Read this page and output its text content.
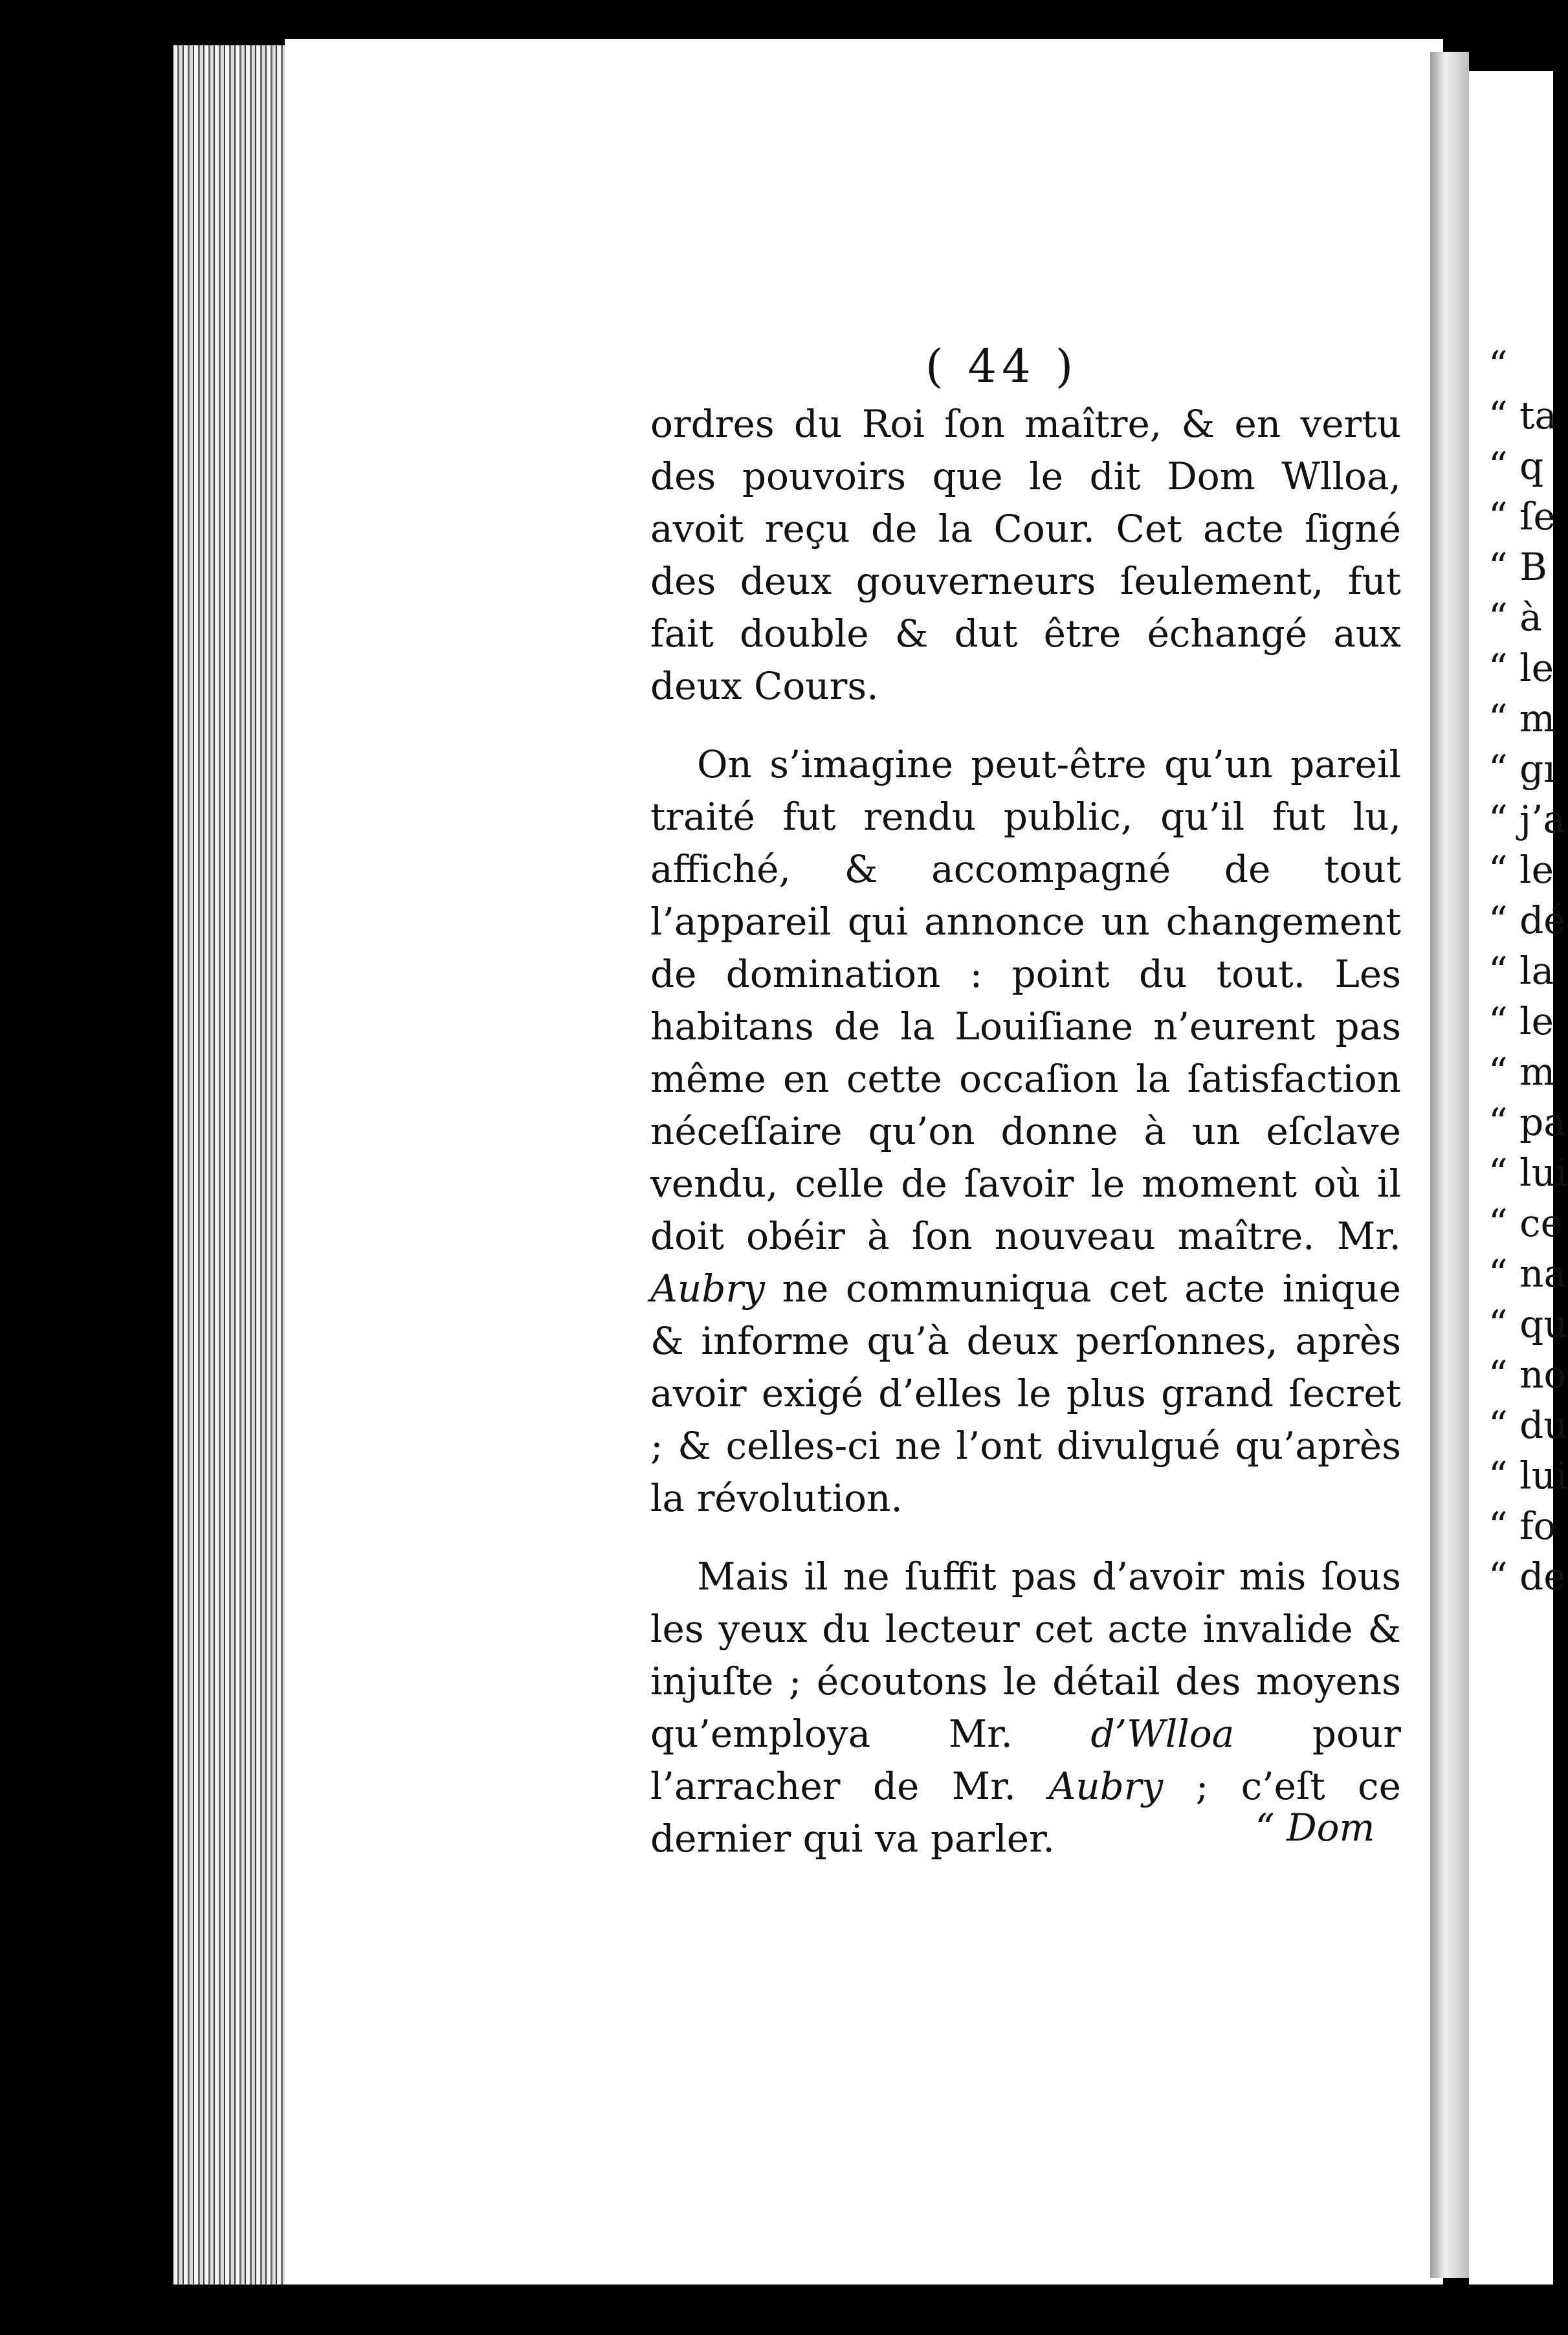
( 44 )

ordres du Roi ſon maître, & en vertu des pouvoirs que le dit Dom Wlloa, avoit reçu de la Cour. Cet acte ſigné des deux gouverneurs ſeulement, fut fait double & dut être échangé aux deux Cours.

On s’imagine peut-être qu’un pareil traité fut rendu public, qu’il fut lu, affiché, & accompagné de tout l’appareil qui annonce un changement de domination : point du tout. Les habitans de la Louiſiane n’eurent pas même en cette occaſion la ſatisfaction néceſſaire qu’on donne à un eſclave vendu, celle de ſavoir le moment où il doit obéir à ſon nouveau maître. Mr. Aubry ne communiqua cet acte inique & informe qu’à deux perſonnes, après avoir exigé d’elles le plus grand ſecret ; & celles-ci ne l’ont divulgué qu’après la révolution.

Mais il ne ſuffit pas d’avoir mis ſous les yeux du lecteur cet acte invalide & injuſte ; écoutons le détail des moyens qu’employa Mr. d’Wlloa pour l’arracher de Mr. Aubry ; c’eſt ce dernier qui va parler.	“ Dom
“
“ ta
“ q
“ ſe
“ B
“ à
“ le
“ m
“ gı
“ j’a
“ le
“ dé
“ la
“ le
“ m
“ pa
“ lui
“ ce
“ na
“ qu
“ no
“ du
“ lui
“ fo
“ de
